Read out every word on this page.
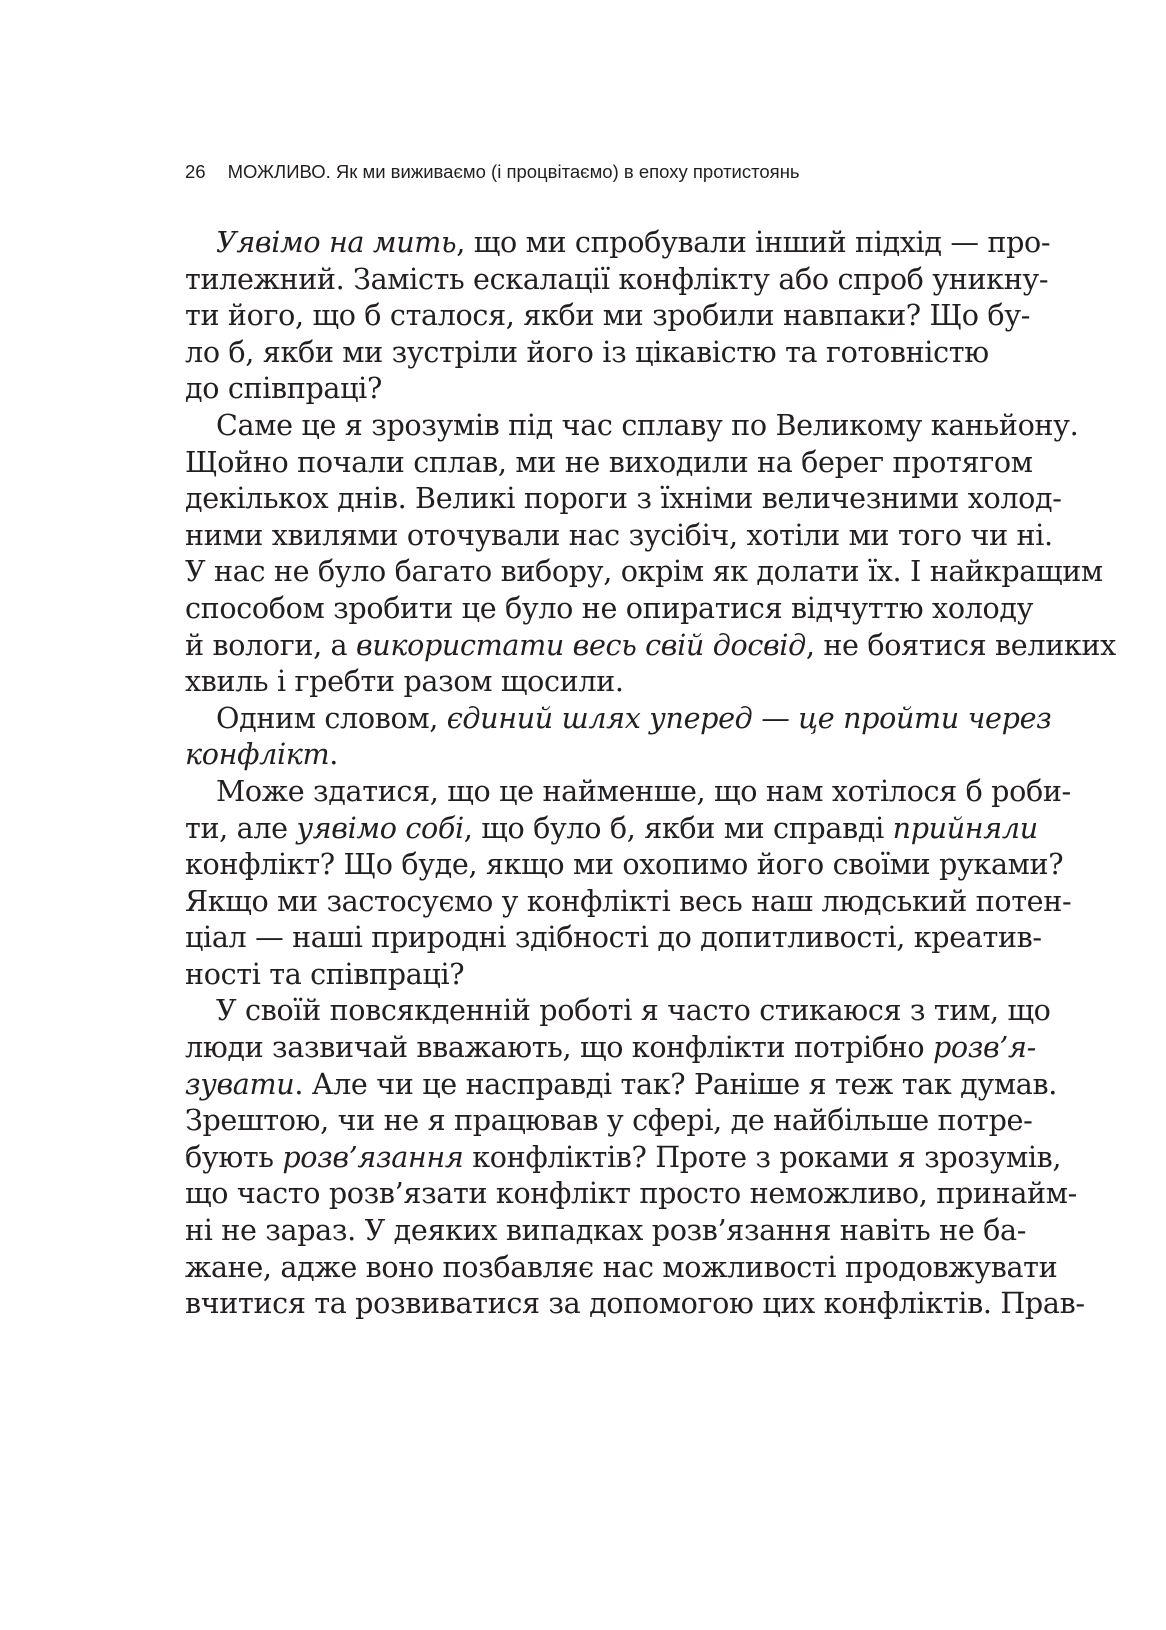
26 МОЖЛИВО. Як ми виживаємо (і процвітаємо) в епоху протистоянь
Уявімо на мить, що ми спробували інший підхід — про-
тилежний. Замість ескалації конфлікту або спроб уникну-
ти його, що б сталося, якби ми зробили навпаки? Що бу-
ло б, якби ми зустріли його із цікавістю та готовністю
до співпраці?
Саме це я зрозумів під час сплаву по Великому каньйону.
Щойно почали сплав, ми не виходили на берег протягом
декількох днів. Великі пороги з їхніми величезними холод-
ними хвилями оточували нас зусібіч, хотіли ми того чи ні.
У нас не було багато вибору, окрім як долати їх. І найкращим
способом зробити це було не опиратися відчуттю холоду
й вологи, а використати весь свій досвід, не боятися великих
хвиль і гребти разом щосили.
Одним словом, єдиний шлях уперед — це пройти через
конфлікт.
Може здатися, що це найменше, що нам хотілося б роби-
ти, але уявімо собі, що було б, якби ми справді прийняли
конфлікт? Що буде, якщо ми охопимо його своїми руками?
Якщо ми застосуємо у конфлікті весь наш людський потен-
ціал — наші природні здібності до допитливості, креатив-
ності та співпраці?
У своїй повсякденній роботі я часто стикаюся з тим, що
люди зазвичай вважають, що конфлікти потрібно розв’я-
зувати. Але чи це насправді так? Раніше я теж так думав.
Зрештою, чи не я працював у сфері, де найбільше потре-
бують розв’язання конфліктів? Проте з роками я зрозумів,
що часто розв’язати конфлікт просто неможливо, принайм-
ні не зараз. У деяких випадках розв’язання навіть не ба-
жане, адже воно позбавляє нас можливості продовжувати
вчитися та розвиватися за допомогою цих конфліктів. Прав-
